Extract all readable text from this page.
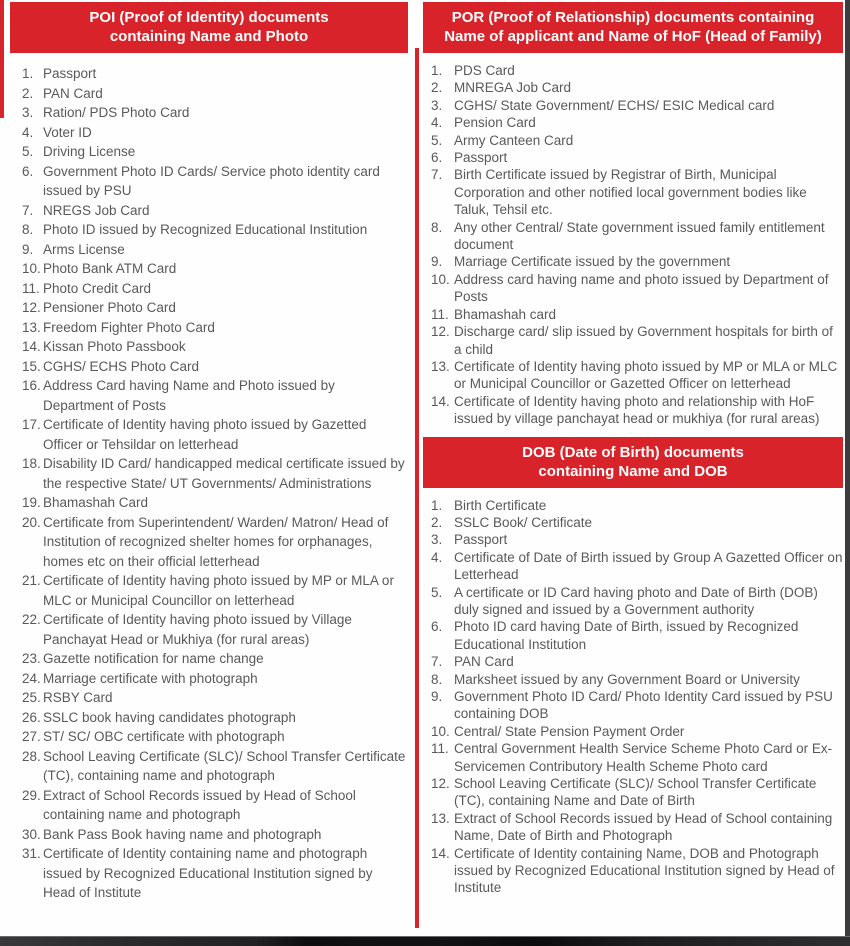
POI (Proof of Identity) documents
containing Name and Photo
1. Passport
2. PAN Card
3. Ration/ PDS Photo Card
4. Voter ID
5. Driving License
6. Government Photo ID Cards/ Service photo identity card issued by PSU
7. NREGS Job Card
8. Photo ID issued by Recognized Educational Institution
9. Arms License
10. Photo Bank ATM Card
11. Photo Credit Card
12. Pensioner Photo Card
13. Freedom Fighter Photo Card
14. Kissan Photo Passbook
15. CGHS/ ECHS Photo Card
16. Address Card having Name and Photo issued by Department of Posts
17. Certificate of Identity having photo issued by Gazetted Officer or Tehsildar on letterhead
18. Disability ID Card/ handicapped medical certificate issued by the respective State/ UT Governments/ Administrations
19. Bhamashah Card
20. Certificate from Superintendent/ Warden/ Matron/ Head of Institution of recognized shelter homes for orphanages, homes etc on their official letterhead
21. Certificate of Identity having photo issued by MP or MLA or MLC or Municipal Councillor on letterhead
22. Certificate of Identity having photo issued by Village Panchayat Head or Mukhiya (for rural areas)
23. Gazette notification for name change
24. Marriage certificate with photograph
25. RSBY Card
26. SSLC book having candidates photograph
27. ST/ SC/ OBC certificate with photograph
28. School Leaving Certificate (SLC)/ School Transfer Certificate (TC), containing name and photograph
29. Extract of School Records issued by Head of School containing name and photograph
30. Bank Pass Book having name and photograph
31. Certificate of Identity containing name and photograph issued by Recognized Educational Institution signed by Head of Institute
POR (Proof of Relationship) documents containing
Name of applicant and Name of HoF (Head of Family)
1. PDS Card
2. MNREGA Job Card
3. CGHS/ State Government/ ECHS/ ESIC Medical card
4. Pension Card
5. Army Canteen Card
6. Passport
7. Birth Certificate issued by Registrar of Birth, Municipal Corporation and other notified local government bodies like Taluk, Tehsil etc.
8. Any other Central/ State government issued family entitlement document
9. Marriage Certificate issued by the government
10. Address card having name and photo issued by Department of Posts
11. Bhamashah card
12. Discharge card/ slip issued by Government hospitals for birth of a child
13. Certificate of Identity having photo issued by MP or MLA or MLC or Municipal Councillor or Gazetted Officer on letterhead
14. Certificate of Identity having photo and relationship with HoF issued by village panchayat head or mukhiya (for rural areas)
DOB (Date of Birth) documents
containing Name and DOB
1. Birth Certificate
2. SSLC Book/ Certificate
3. Passport
4. Certificate of Date of Birth issued by Group A Gazetted Officer on Letterhead
5. A certificate or ID Card having photo and Date of Birth (DOB) duly signed and issued by a Government authority
6. Photo ID card having Date of Birth, issued by Recognized Educational Institution
7. PAN Card
8. Marksheet issued by any Government Board or University
9. Government Photo ID Card/ Photo Identity Card issued by PSU containing DOB
10. Central/ State Pension Payment Order
11. Central Government Health Service Scheme Photo Card or Ex-Servicemen Contributory Health Scheme Photo card
12. School Leaving Certificate (SLC)/ School Transfer Certificate (TC), containing Name and Date of Birth
13. Extract of School Records issued by Head of School containing Name, Date of Birth and Photograph
14. Certificate of Identity containing Name, DOB and Photograph issued by Recognized Educational Institution signed by Head of Institute
